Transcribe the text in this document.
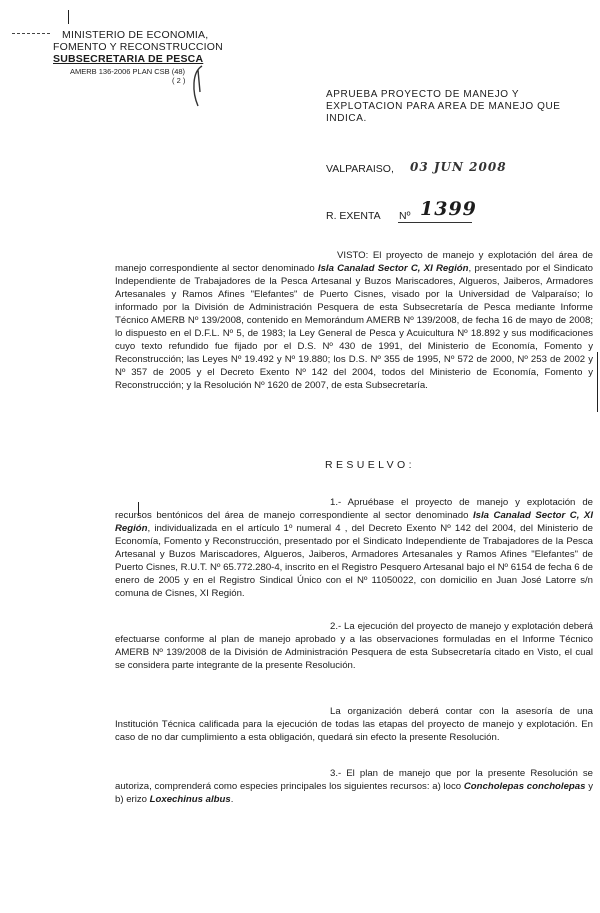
MINISTERIO DE ECONOMIA,
FOMENTO Y RECONSTRUCCION
SUBSECRETARIA DE PESCA
AMERB 136-2006 PLAN CSB (48)
( 2 )
APRUEBA PROYECTO DE MANEJO Y
EXPLOTACION PARA AREA DE MANEJO QUE
INDICA.
VALPARAISO, 03 JUN 2008
R. EXENTA Nº 1399
VISTO: El proyecto de manejo y explotación del área de manejo correspondiente al sector denominado Isla Canalad Sector C, XI Región, presentado por el Sindicato Independiente de Trabajadores de la Pesca Artesanal y Buzos Mariscadores, Algueros, Jaiberos, Armadores Artesanales y Ramos Afines "Elefantes" de Puerto Cisnes, visado por la Universidad de Valparaíso; lo informado por la División de Administración Pesquera de esta Subsecretaría de Pesca mediante Informe Técnico AMERB Nº 139/2008, contenido en Memorándum AMERB Nº 139/2008, de fecha 16 de mayo de 2008; lo dispuesto en el D.F.L. Nº 5, de 1983; la Ley General de Pesca y Acuicultura Nº 18.892 y sus modificaciones cuyo texto refundido fue fijado por el D.S. Nº 430 de 1991, del Ministerio de Economía, Fomento y Reconstrucción; las Leyes Nº 19.492 y Nº 19.880; los D.S. Nº 355 de 1995, Nº 572 de 2000, Nº 253 de 2002 y Nº 357 de 2005 y el Decreto Exento Nº 142 del 2004, todos del Ministerio de Economía, Fomento y Reconstrucción; y la Resolución Nº 1620 de 2007, de esta Subsecretaría.
RESUELVO:
1.- Apruébase el proyecto de manejo y explotación de recursos bentónicos del área de manejo correspondiente al sector denominado Isla Canalad Sector C, XI Región, individualizada en el artículo 1º numeral 4 , del Decreto Exento Nº 142 del 2004, del Ministerio de Economía, Fomento y Reconstrucción, presentado por el Sindicato Independiente de Trabajadores de la Pesca Artesanal y Buzos Mariscadores, Algueros, Jaiberos, Armadores Artesanales y Ramos Afines "Elefantes" de Puerto Cisnes, R.U.T. Nº 65.772.280-4, inscrito en el Registro Pesquero Artesanal bajo el Nº 6154 de fecha 6 de enero de 2005 y en el Registro Sindical Único con el Nº 11050022, con domicilio en Juan José Latorre s/n comuna de Cisnes, XI Región.
2.- La ejecución del proyecto de manejo y explotación deberá efectuarse conforme al plan de manejo aprobado y a las observaciones formuladas en el Informe Técnico AMERB Nº 139/2008 de la División de Administración Pesquera de esta Subsecretaría citado en Visto, el cual se considera parte integrante de la presente Resolución.
La organización deberá contar con la asesoría de una Institución Técnica calificada para la ejecución de todas las etapas del proyecto de manejo y explotación. En caso de no dar cumplimiento a esta obligación, quedará sin efecto la presente Resolución.
3.- El plan de manejo que por la presente Resolución se autoriza, comprenderá como especies principales los siguientes recursos: a) loco Concholepas concholepas y b) erizo Loxechinus albus.
